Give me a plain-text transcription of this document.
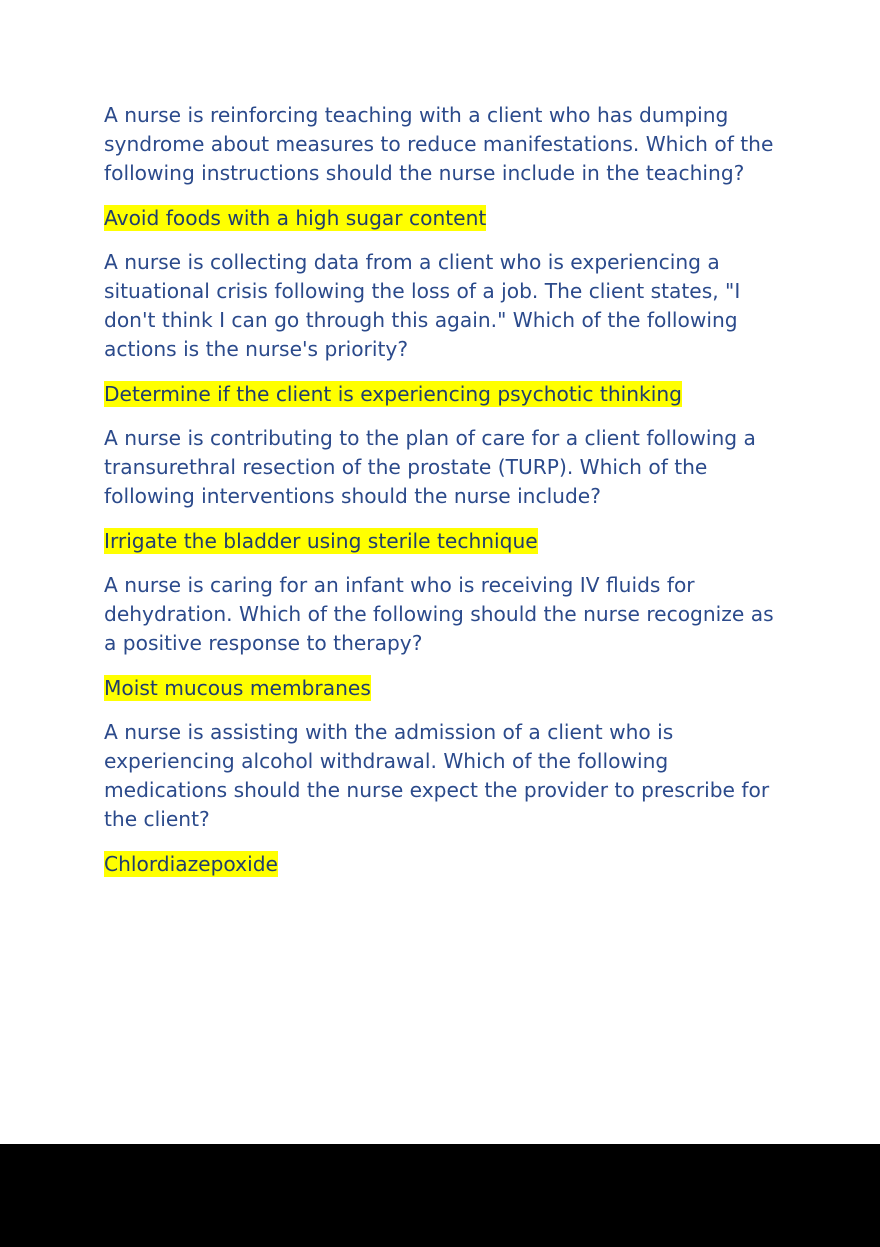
A nurse is reinforcing teaching with a client who has dumping syndrome about measures to reduce manifestations. Which of the following instructions should the nurse include in the teaching?

Avoid foods with a high sugar content

A nurse is collecting data from a client who is experiencing a situational crisis following the loss of a job. The client states, "I don't think I can go through this again." Which of the following actions is the nurse's priority?

Determine if the client is experiencing psychotic thinking

A nurse is contributing to the plan of care for a client following a transurethral resection of the prostate (TURP). Which of the following interventions should the nurse include?

Irrigate the bladder using sterile technique

A nurse is caring for an infant who is receiving IV fluids for dehydration. Which of the following should the nurse recognize as a positive response to therapy?

Moist mucous membranes

A nurse is assisting with the admission of a client who is experiencing alcohol withdrawal. Which of the following medications should the nurse expect the provider to prescribe for the client?

Chlordiazepoxide
